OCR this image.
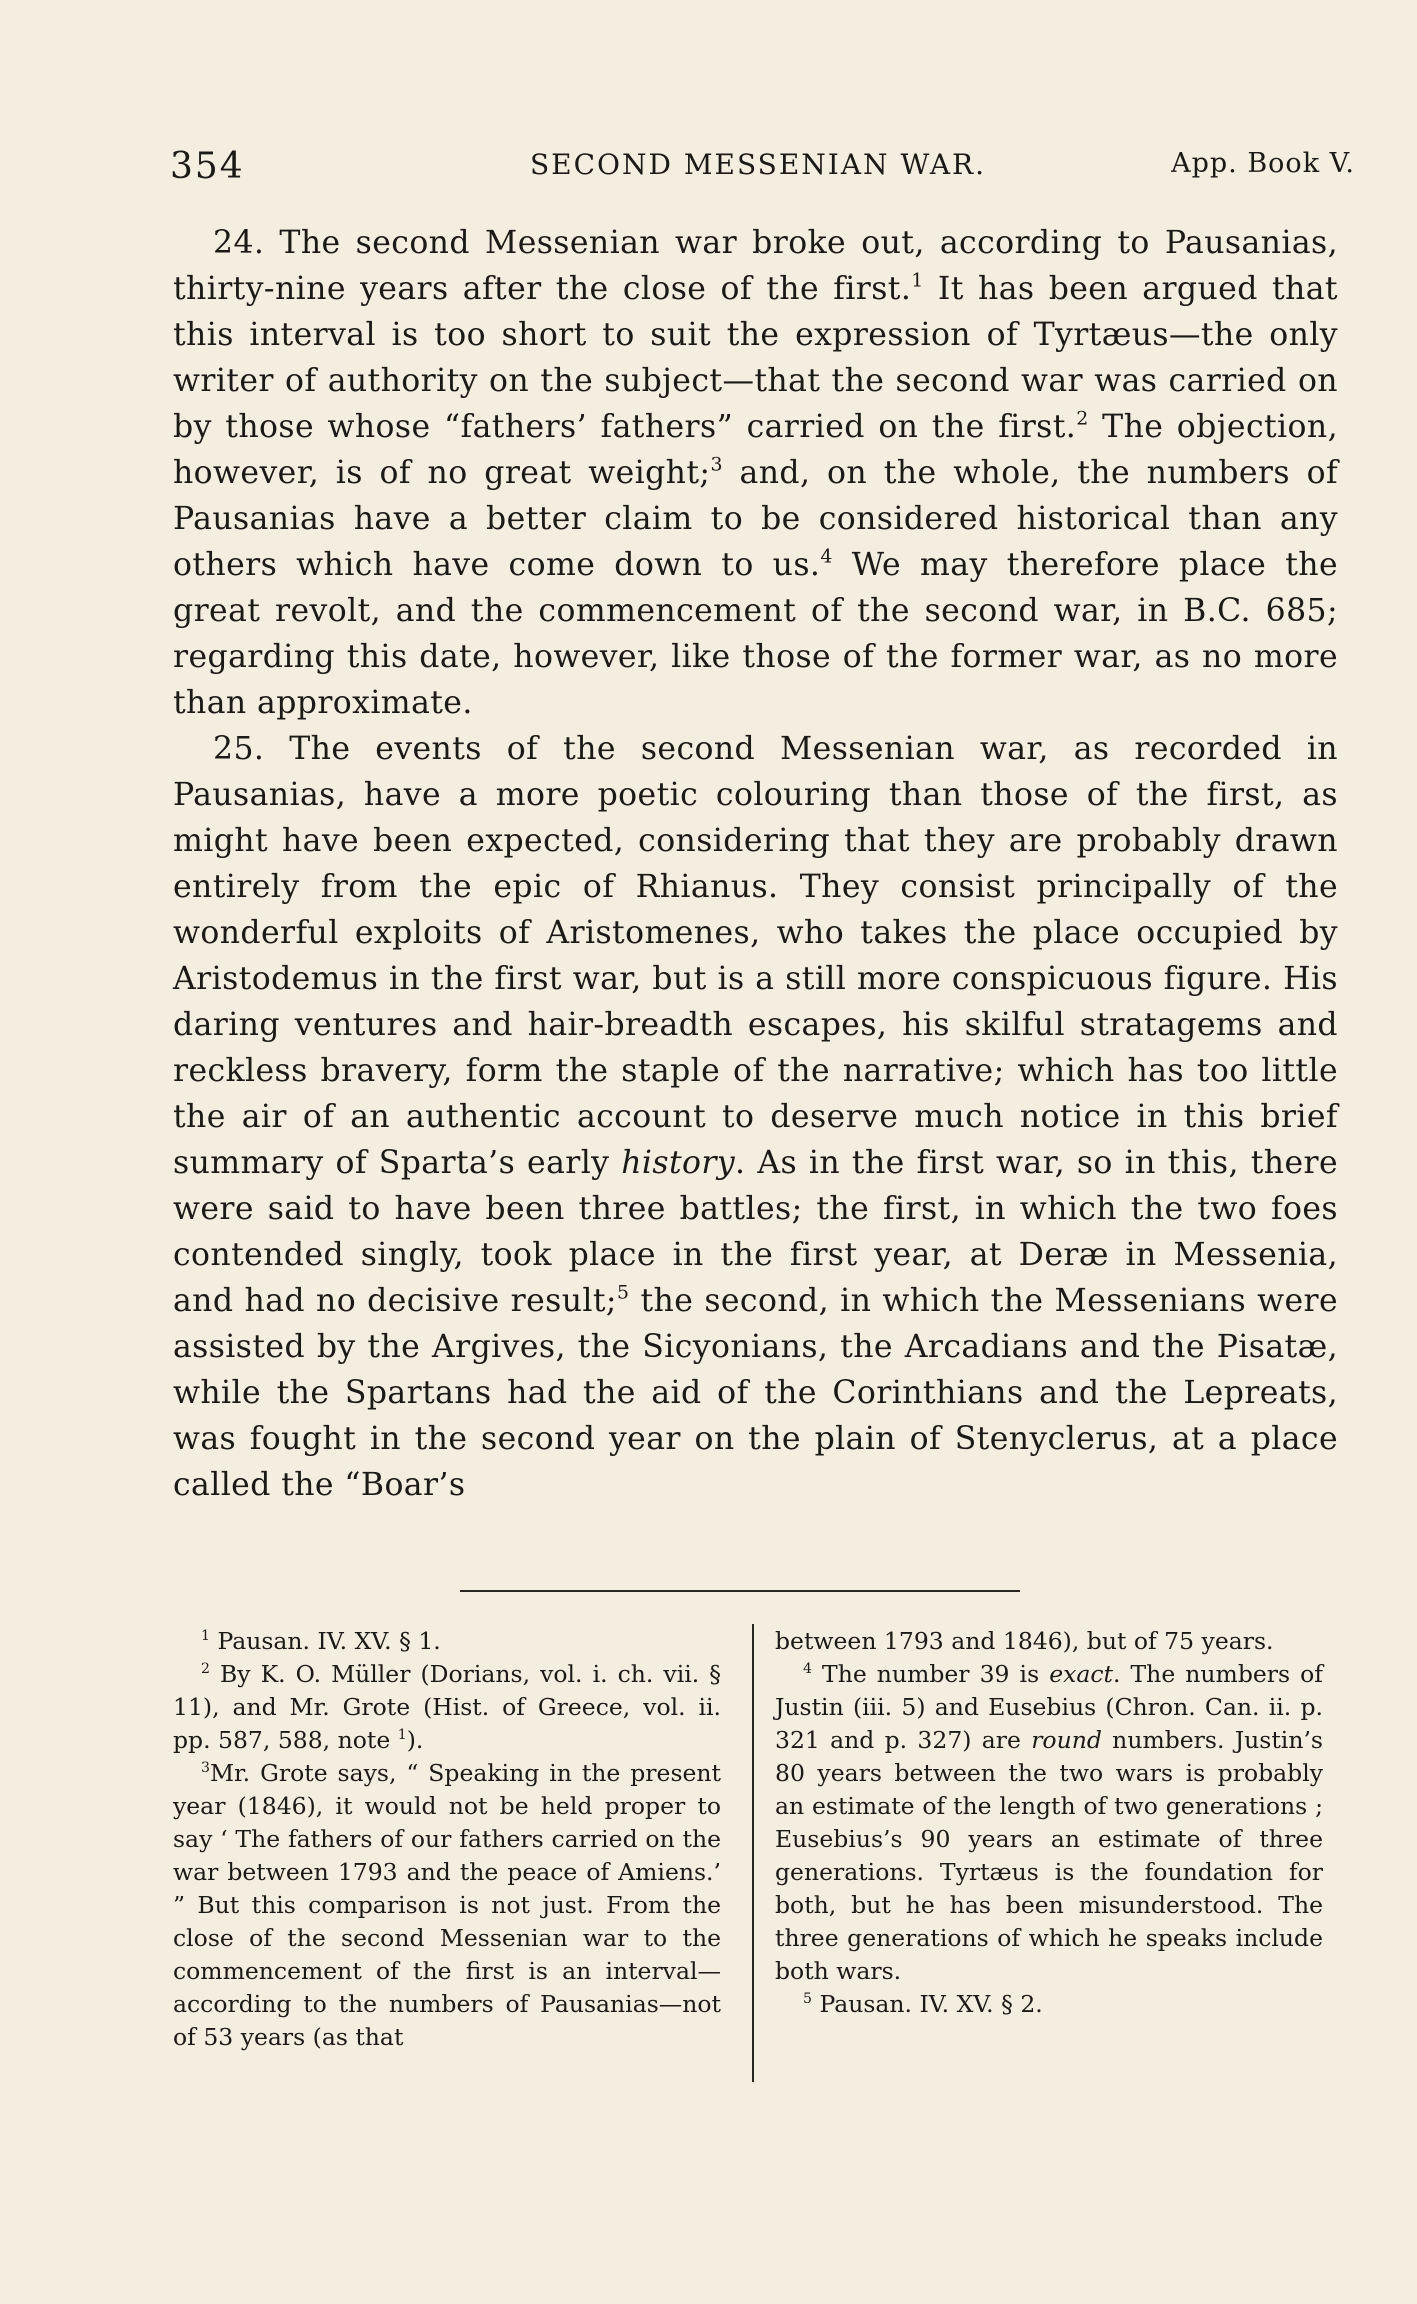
354	SECOND MESSENIAN WAR.	App. Book V.

24. The second Messenian war broke out, according to Pausanias, thirty-nine years after the close of the first.$^1$ It has been argued that this interval is too short to suit the expression of Tyrtæus—the only writer of authority on the subject—that the second war was carried on by those whose “fathers’ fathers” carried on the first.$^2$ The objection, however, is of no great weight;$^3$ and, on the whole, the numbers of Pausanias have a better claim to be considered historical than any others which have come down to us.$^4$ We may therefore place the great revolt, and the commencement of the second war, in B.C. 685; regarding this date, however, like those of the former war, as no more than approximate.

25. The events of the second Messenian war, as recorded in Pausanias, have a more poetic colouring than those of the first, as might have been expected, considering that they are probably drawn entirely from the epic of Rhianus. They consist principally of the wonderful exploits of Aristomenes, who takes the place occupied by Aristodemus in the first war, but is a still more conspicuous figure. His daring ventures and hair-breadth escapes, his skilful stratagems and reckless bravery, form the staple of the narrative; which has too little the air of an authentic account to deserve much notice in this brief summary of Sparta’s early history. As in the first war, so in this, there were said to have been three battles; the first, in which the two foes contended singly, took place in the first year, at Deræ in Messenia, and had no decisive result;$^5$ the second, in which the Messenians were assisted by the Argives, the Sicyonians, the Arcadians and the Pisatæ, while the Spartans had the aid of the Corinthians and the Lepreats, was fought in the second year on the plain of Stenyclerus, at a place called the “Boar’s

$^1$ Pausan. IV. XV. § 1.

$^2$ By K. O. Müller (Dorians, vol. i. ch. vii. § 11), and Mr. Grote (Hist. of Greece, vol. ii. pp. 587, 588, note $^1$).

$^3$Mr. Grote says, “ Speaking in the present year (1846), it would not be held proper to say ‘ The fathers of our fathers carried on the war between 1793 and the peace of Amiens.’ ” But this comparison is not just. From the close of the second Messenian war to the commencement of the first is an interval—according to the numbers of Pausanias—not of 53 years (as that

between 1793 and 1846), but of 75 years.

$^4$ The number 39 is exact. The numbers of Justin (iii. 5) and Eusebius (Chron. Can. ii. p. 321 and p. 327) are round numbers. Justin’s 80 years between the two wars is probably an estimate of the length of two generations ; Eusebius’s 90 years an estimate of three generations. Tyrtæus is the foundation for both, but he has been misunderstood. The three generations of which he speaks include both wars.

$^5$ Pausan. IV. XV. § 2.
